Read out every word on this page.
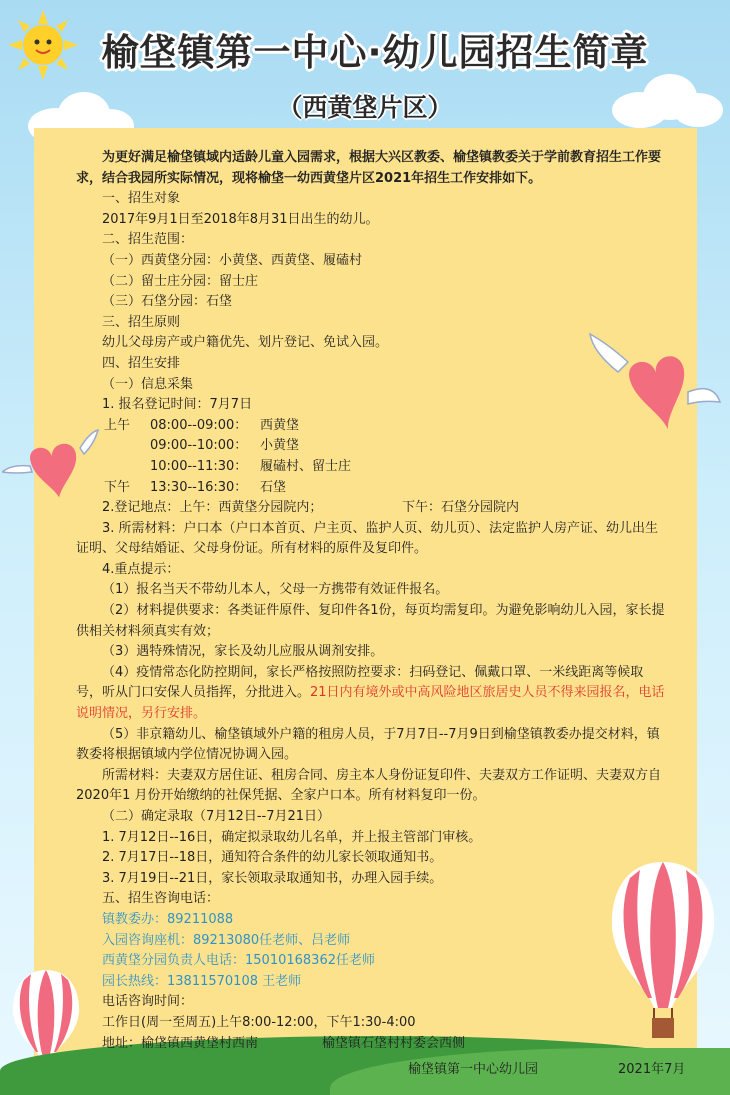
榆垡镇第一中心·幼儿园招生简章
（西黄垡片区）

为更好满足榆垡镇域内适龄儿童入园需求，根据大兴区教委、榆垡镇教委关于学前教育招生工作要求，结合我园所实际情况，现将榆垡一幼西黄垡片区2021年招生工作安排如下。

一、招生对象

2017年9月1日至2018年8月31日出生的幼儿。

二、招生范围：

（一）西黄垡分园：小黄垡、西黄垡、履磕村

（二）留士庄分园：留士庄

（三）石垡分园：石垡

三、招生原则

幼儿父母房产或户籍优先、划片登记、免试入园。

四、招生安排

（一）信息采集

1. 报名登记时间：7月7日

上午	08:00--09:00： 西黄垡
09:00--10:00： 小黄垡
10:00--11:30： 履磕村、留士庄
下午	13:30--16:30： 石垡
2.登记地点：上午：西黄垡分园院内；	下午：石垡分园院内

3. 所需材料：户口本（户口本首页、户主页、监护人页、幼儿页）、法定监护人房产证、幼儿出生证明、父母结婚证、父母身份证。所有材料的原件及复印件。

4.重点提示：

（1）报名当天不带幼儿本人，父母一方携带有效证件报名。

（2）材料提供要求：各类证件原件、复印件各1份，每页均需复印。为避免影响幼儿入园，家长提供相关材料须真实有效；

（3）遇特殊情况，家长及幼儿应服从调剂安排。

（4）疫情常态化防控期间，家长严格按照防控要求：扫码登记、佩戴口罩、一米线距离等候取号，听从门口安保人员指挥，分批进入。21日内有境外或中高风险地区旅居史人员不得来园报名，电话说明情况，另行安排。

（5）非京籍幼儿、榆垡镇域外户籍的租房人员，于7月7日--7月9日到榆垡镇教委办提交材料，镇教委将根据镇域内学位情况协调入园。

所需材料：夫妻双方居住证、租房合同、房主本人身份证复印件、夫妻双方工作证明、夫妻双方自2020年1 月份开始缴纳的社保凭据、全家户口本。所有材料复印一份。

（二）确定录取（7月12日--7月21日）

1. 7月12日--16日，确定拟录取幼儿名单，并上报主管部门审核。

2. 7月17日--18日，通知符合条件的幼儿家长领取通知书。

3. 7月19日--21日，家长领取录取通知书，办理入园手续。

五、招生咨询电话：

镇教委办：89211088

入园咨询座机：89213080任老师、吕老师

西黄垡分园负责人电话：15010168362任老师

园长热线：13811570108 王老师

电话咨询时间：

工作日(周一至周五)上午8:00-12:00，下午1:30-4:00

地址：榆垡镇西黄垡村西南	榆垡镇石垡村村委会西侧
榆垡镇第一中心幼儿园	2021年7月
